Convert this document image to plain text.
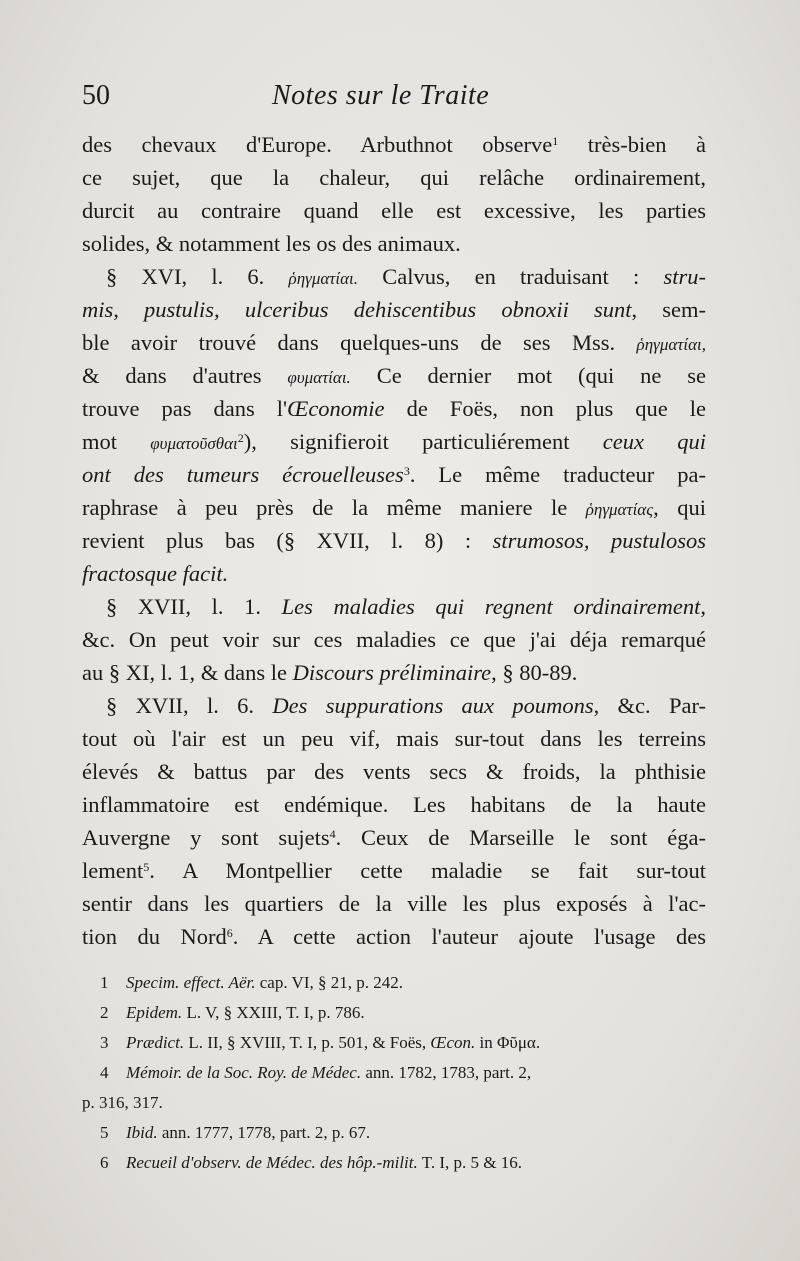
50	Notes sur le Traite
des chevaux d'Europe. Arbuthnot observe$^1$ très-bien à
ce sujet, que la chaleur, qui relâche ordinairement,
durcit au contraire quand elle est excessive, les parties
solides, & notamment les os des animaux.
§ XVI, l. 6. ῥηγματίαι. Calvus, en traduisant : stru-
mis, pustulis, ulceribus dehiscentibus obnoxii sunt, sem-
ble avoir trouvé dans quelques-uns de ses Mss. ῥηγματίαι,
& dans d'autres φυματίαι. Ce dernier mot (qui ne se
trouve pas dans l'Œconomie de Foës, non plus que le
mot φυματοῦσθαι$^2$), signifieroit particuliérement ceux qui
ont des tumeurs écrouelleuses$^3$. Le même traducteur pa-
raphrase à peu près de la même maniere le ῥηγματίας, qui
revient plus bas (§ XVII, l. 8) : strumosos, pustulosos
fractosque facit.
§ XVII, l. 1. Les maladies qui regnent ordinairement,
&c. On peut voir sur ces maladies ce que j'ai déja remarqué
au § XI, l. 1, & dans le Discours préliminaire, § 80-89.
§ XVII, l. 6. Des suppurations aux poumons, &c. Par-
tout où l'air est un peu vif, mais sur-tout dans les terreins
élevés & battus par des vents secs & froids, la phthisie
inflammatoire est endémique. Les habitans de la haute
Auvergne y sont sujets$^4$. Ceux de Marseille le sont éga-
lement$^5$. A Montpellier cette maladie se fait sur-tout
sentir dans les quartiers de la ville les plus exposés à l'ac-
tion du Nord$^6$. A cette action l'auteur ajoute l'usage des
1 Specim. effect. Aër. cap. VI, § 21, p. 242.
2 Epidem. L. V, § XXIII, T. I, p. 786.
3 Prædict. L. II, § XVIII, T. I, p. 501, & Foës, Œcon. in Φῦμα.
4 Mémoir. de la Soc. Roy. de Médec. ann. 1782, 1783, part. 2,
p. 316, 317.
5 Ibid. ann. 1777, 1778, part. 2, p. 67.
6 Recueil d'observ. de Médec. des hôp.-milit. T. I, p. 5 & 16.
